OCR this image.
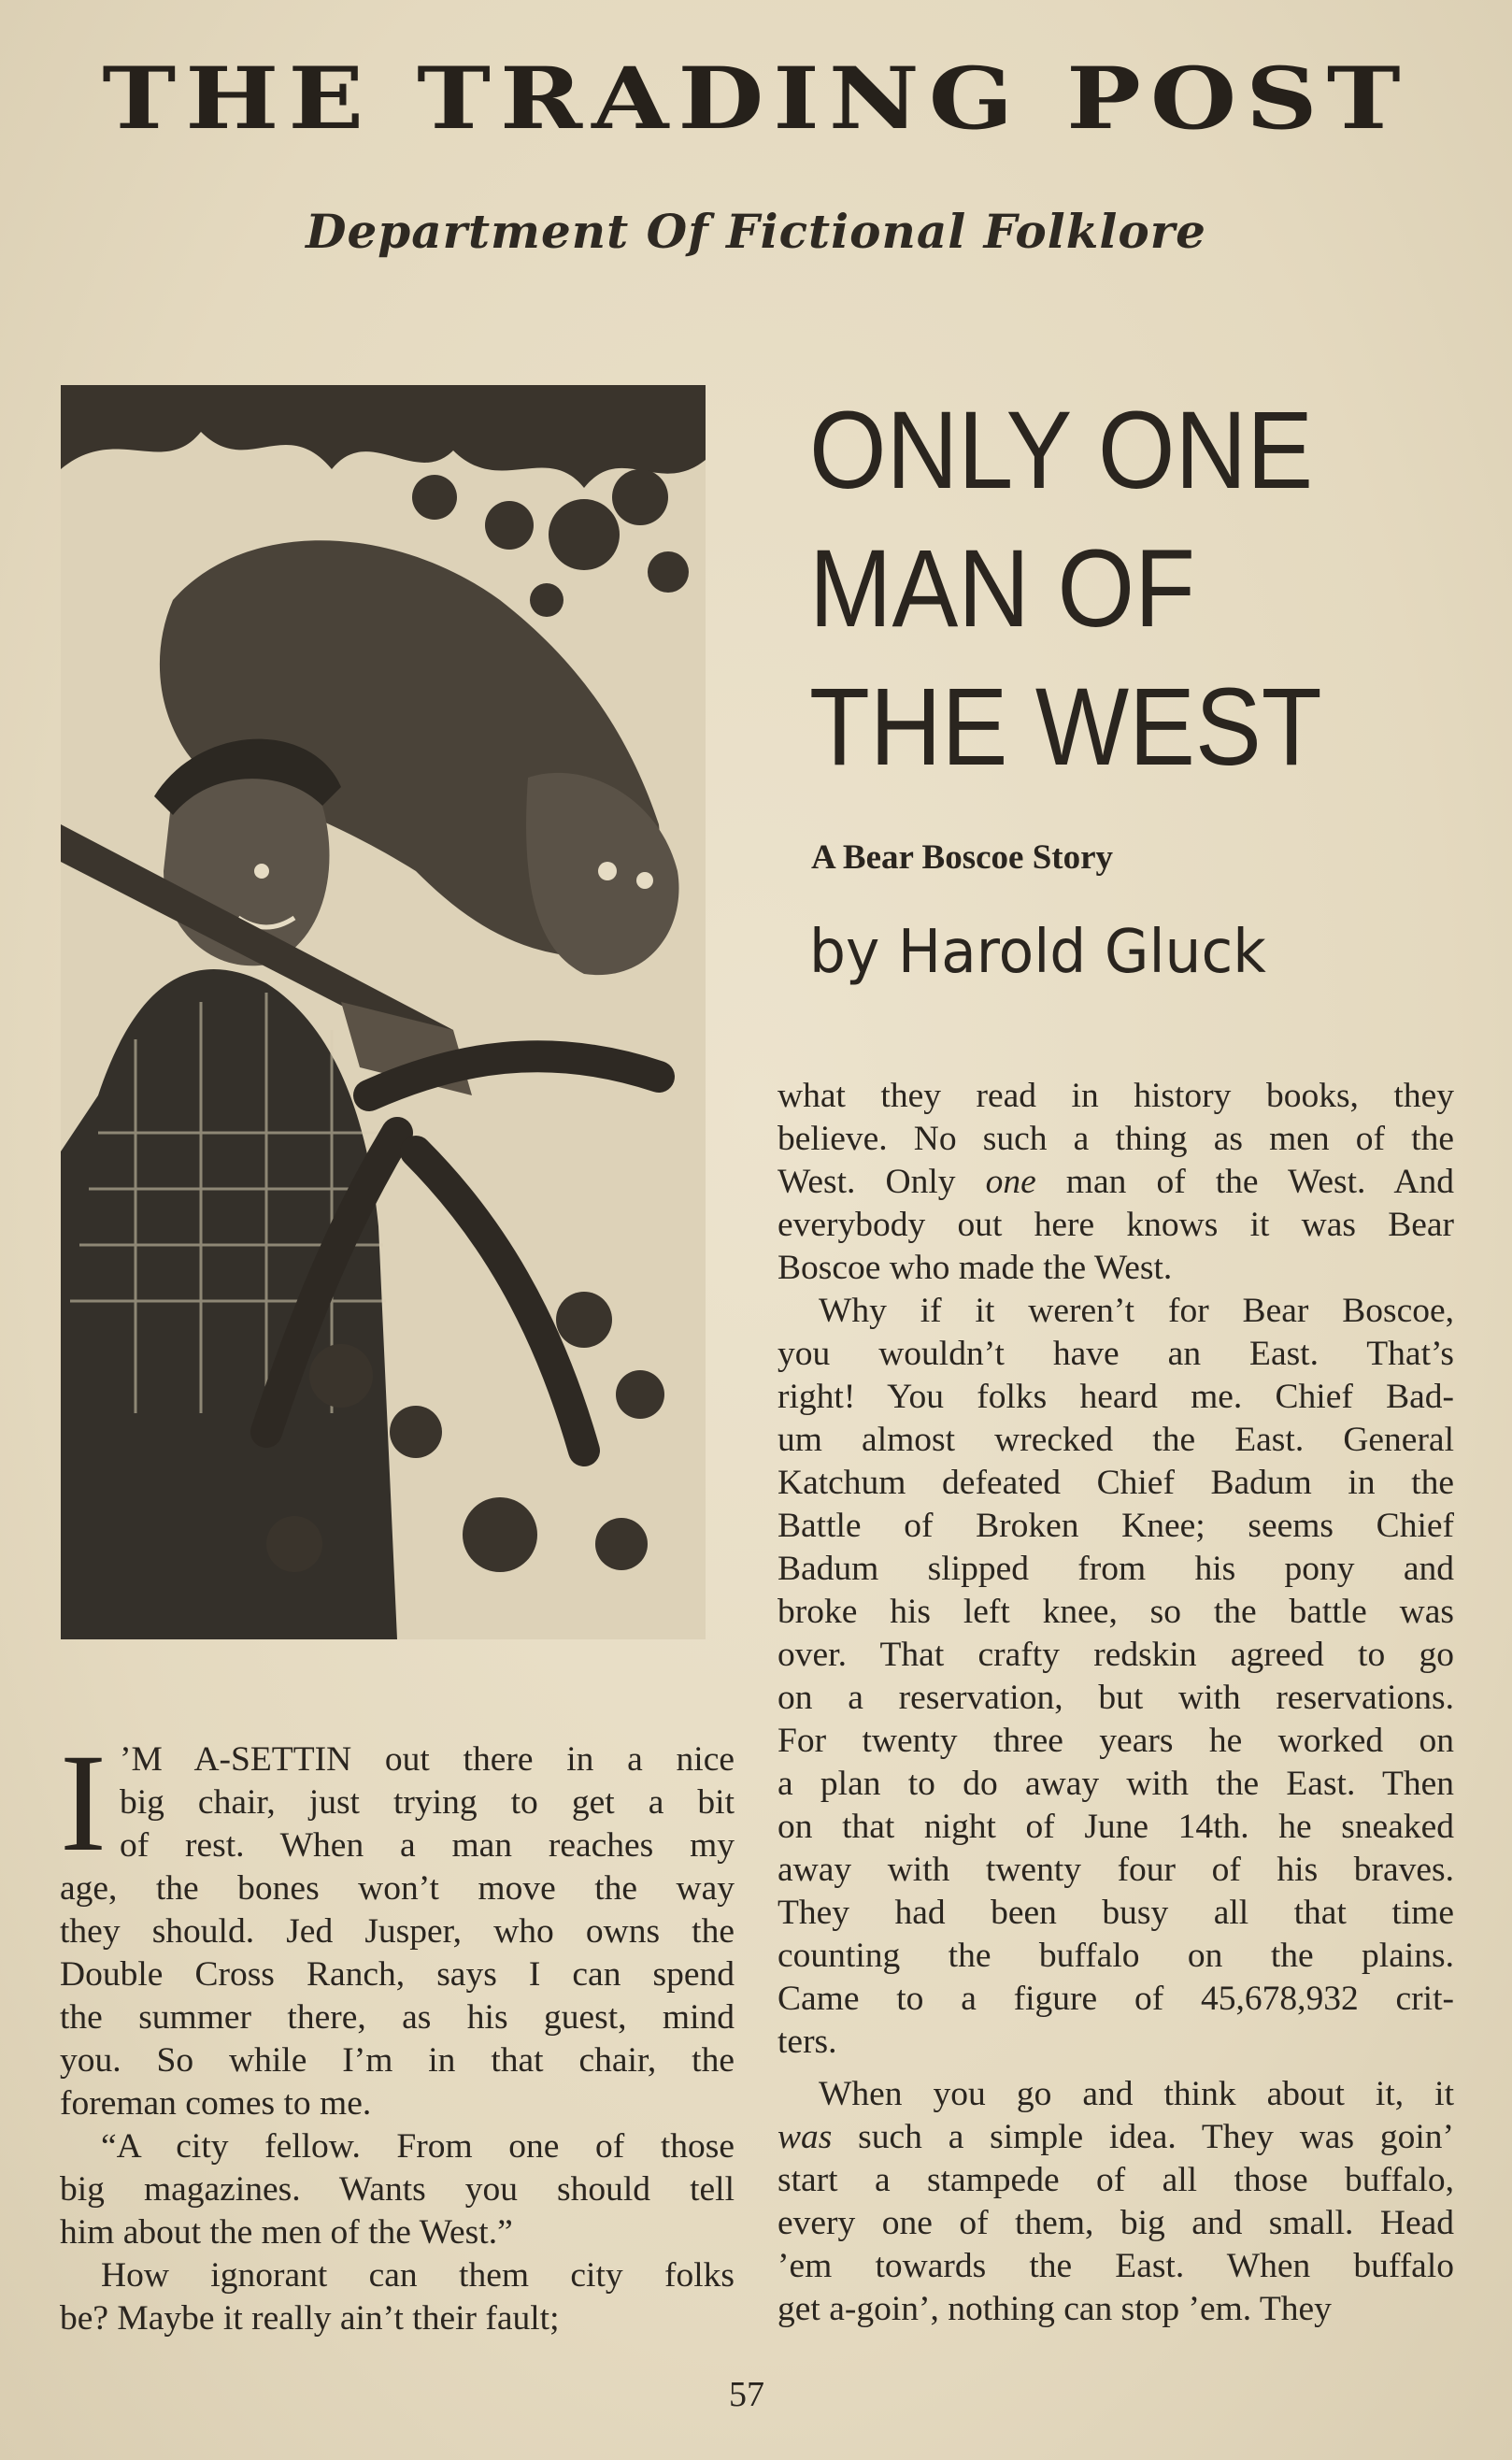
THE TRADING POST
Department Of Fictional Folklore
ONLY ONE
MAN OF
THE WEST
A Bear Boscoe Story
by Harold Gluck

what they read in history books, they
believe. No such a thing as men of the
West. Only one man of the West. And
everybody out here knows it was Bear
Boscoe who made the West.

Why if it weren’t for Bear Boscoe,
you wouldn’t have an East. That’s
right! You folks heard me. Chief Bad-
um almost wrecked the East. General
Katchum defeated Chief Badum in the
Battle of Broken Knee; seems Chief
Badum slipped from his pony and
broke his left knee, so the battle was
over. That crafty redskin agreed to go
on a reservation, but with reservations.
For twenty three years he worked on
a plan to do away with the East. Then
on that night of June 14th. he sneaked
away with twenty four of his braves.
They had been busy all that time
counting the buffalo on the plains.
Came to a figure of 45,678,932 crit-
ters.

When you go and think about it, it
was such a simple idea. They was goin’
start a stampede of all those buffalo,
every one of them, big and small. Head
’em towards the East. When buffalo
get a-goin’, nothing can stop ’em. They

I ’M A-SETTIN out there in a nice
big chair, just trying to get a bit
of rest. When a man reaches my
age, the bones won’t move the way
they should. Jed Jusper, who owns the
Double Cross Ranch, says I can spend
the summer there, as his guest, mind
you. So while I’m in that chair, the
foreman comes to me.

“A city fellow. From one of those
big magazines. Wants you should tell
him about the men of the West.”

How ignorant can them city folks
be? Maybe it really ain’t their fault;

57
